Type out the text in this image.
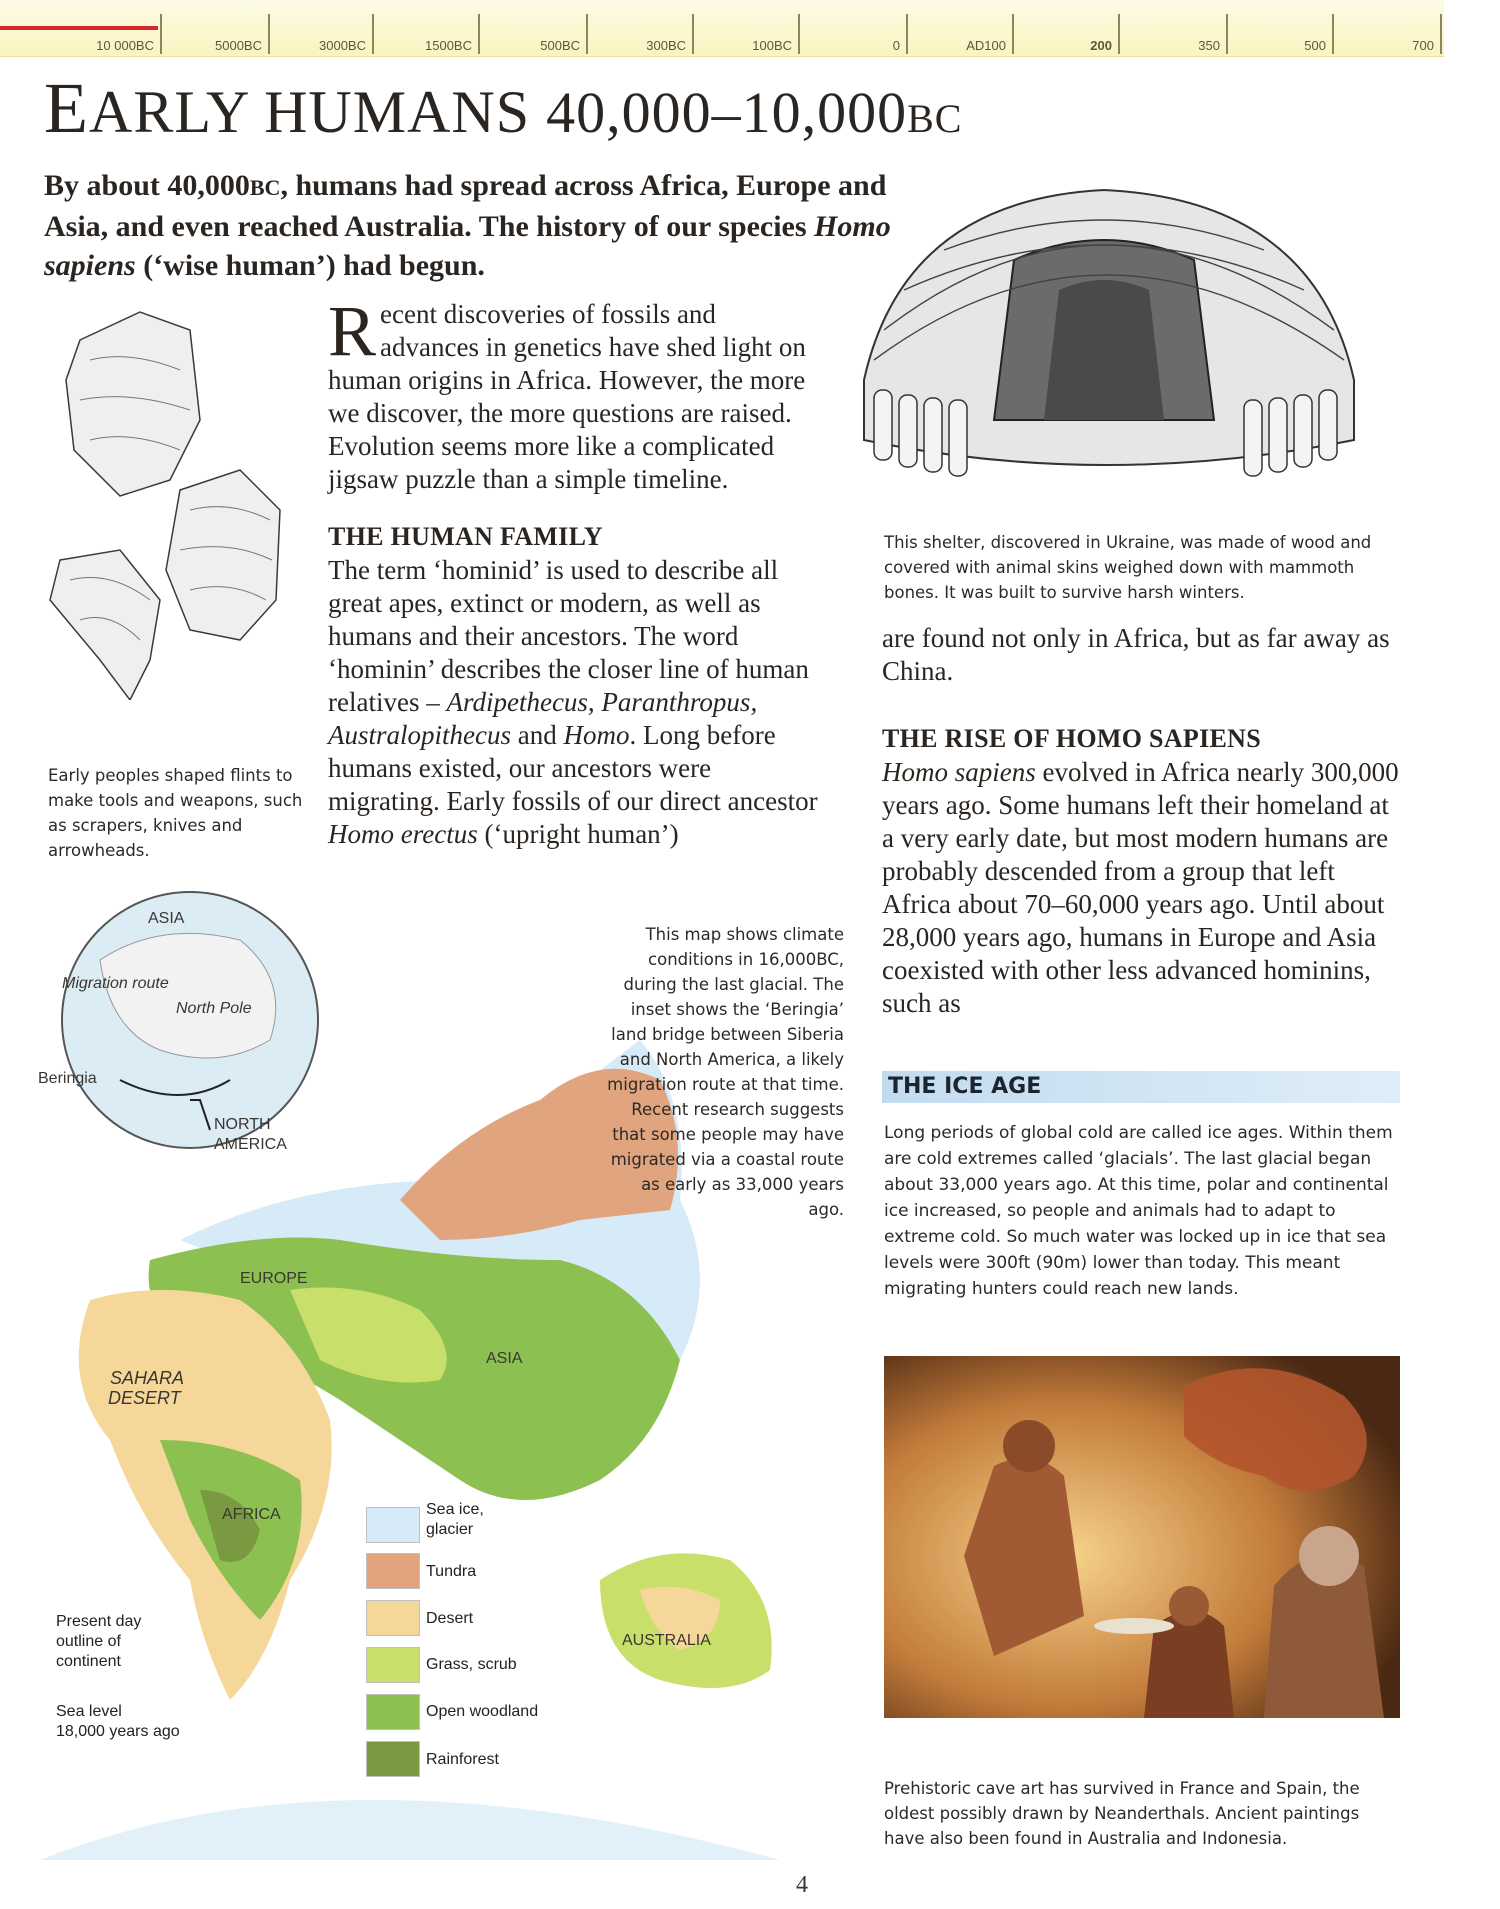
10 000BC	5000BC	3000BC	1500BC	500BC	300BC	100BC	0	AD100	200	350	500	700
EARLY HUMANS 40,000–10,000BC

By about 40,000BC, humans had spread across Africa, Europe and Asia, and even reached Australia. The history of our species Homo sapiens (‘wise human’) had begun.

Early peoples shaped flints to make tools and weapons, such as scrapers, knives and arrowheads.
This shelter, discovered in Ukraine, was made of wood and covered with animal skins weighed down with mammoth bones. It was built to survive harsh winters.

Recent discoveries of fossils and advances in genetics have shed light on human origins in Africa. However, the more we discover, the more questions are raised. Evolution seems more like a complicated jigsaw puzzle than a simple timeline.

THE HUMAN FAMILY

The term ‘hominid’ is used to describe all great apes, extinct or modern, as well as humans and their ancestors. The word ‘hominin’ describes the closer line of human relatives – Ardipethecus, Paranthropus, Australopithecus and Homo. Long before humans existed, our ancestors were migrating. Early fossils of our direct ancestor Homo erectus (‘upright human’)

are found not only in Africa, but as far away as China.

THE RISE OF HOMO SAPIENS

Homo sapiens evolved in Africa nearly 300,000 years ago. Some humans left their homeland at a very early date, but most modern humans are probably descended from a group that left Africa about 70–60,000 years ago. Until about 28,000 years ago, humans in Europe and Asia coexisted with other less advanced hominins, such as

THE ICE AGE
Long periods of global cold are called ice ages. Within them are cold extremes called ‘glacials’. The last glacial began about 33,000 years ago. At this time, polar and continental ice increased, so people and animals had to adapt to extreme cold. So much water was locked up in ice that sea levels were 300ft (90m) lower than today. This meant migrating hunters could reach new lands.
Prehistoric cave art has survived in France and Spain, the oldest possibly drawn by Neanderthals. Ancient paintings have also been found in Australia and Indonesia.
ASIA
Migration route
North Pole
Beringia
NORTH
AMERICA
EUROPE
ASIA
SAHARA
DESERT
AFRICA
AUSTRALIA
This map shows climate conditions in 16,000BC, during the last glacial. The inset shows the ‘Beringia’ land bridge between Siberia and North America, a likely migration route at that time. Recent research suggests that some people may have migrated via a coastal route as early as 33,000 years ago.
Sea ice,
glacier
Tundra
Desert
Grass, scrub
Open woodland
Rainforest
Present day
outline of
continent
Sea level
18,000 years ago
4
